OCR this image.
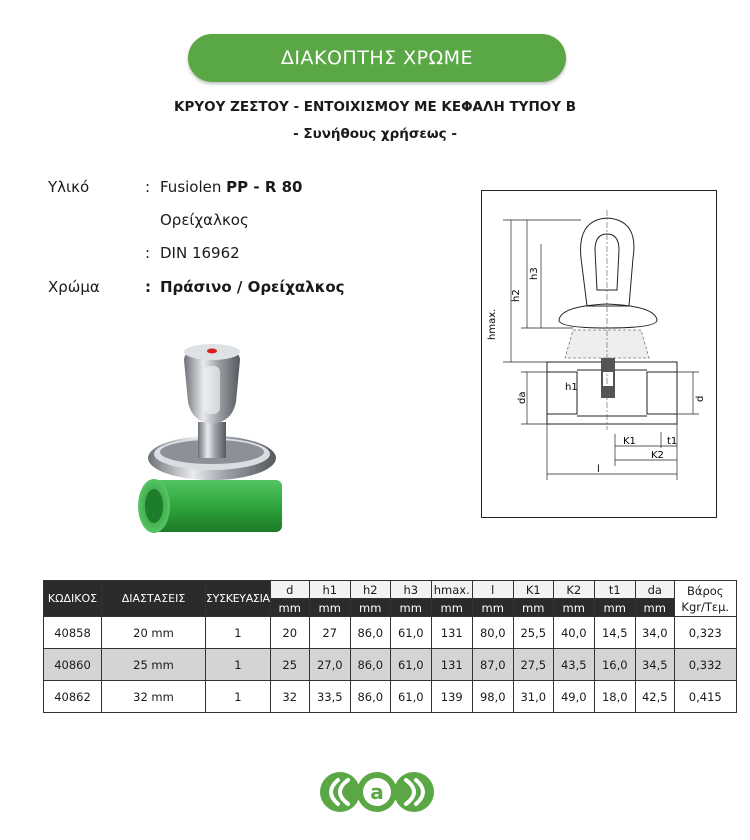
ΔΙΑΚΟΠΤΗΣ ΧΡΩΜΕ
ΚΡΥΟΥ ΖΕΣΤΟΥ - ΕΝΤΟΙΧΙΣΜΟΥ ΜΕ ΚΕΦΑΛΗ ΤΥΠΟΥ Β
- Συνήθους χρήσεως -
Υλικό	: Fusiolen PP - R 80
Ορείχαλκος
: DIN 16962
Χρώμα	: Πράσινο / Ορείχαλκος
hmax.
h2
h3
h1
da	d
K1
K2
t1
l
ΚΩΔΙΚΟΣ	ΔΙΑΣΤΑΣΕΙΣ	ΣΥΣΚΕΥΑΣΙΑ	d	h1	h2	h3	hmax.	l	K1	K2	t1	da	Βάρος
Kgr/Τεμ.

			mm	mm	mm	mm	mm	mm	mm	mm	mm	mm	
40858	20 mm	1	20	27	86,0	61,0	131	80,0	25,5	40,0	14,5	34,0	0,323
40860	25 mm	1	25	27,0	86,0	61,0	131	87,0	27,5	43,5	16,0	34,5	0,332
40862	32 mm	1	32	33,5	86,0	61,0	139	98,0	31,0	49,0	18,0	42,5	0,415
a
